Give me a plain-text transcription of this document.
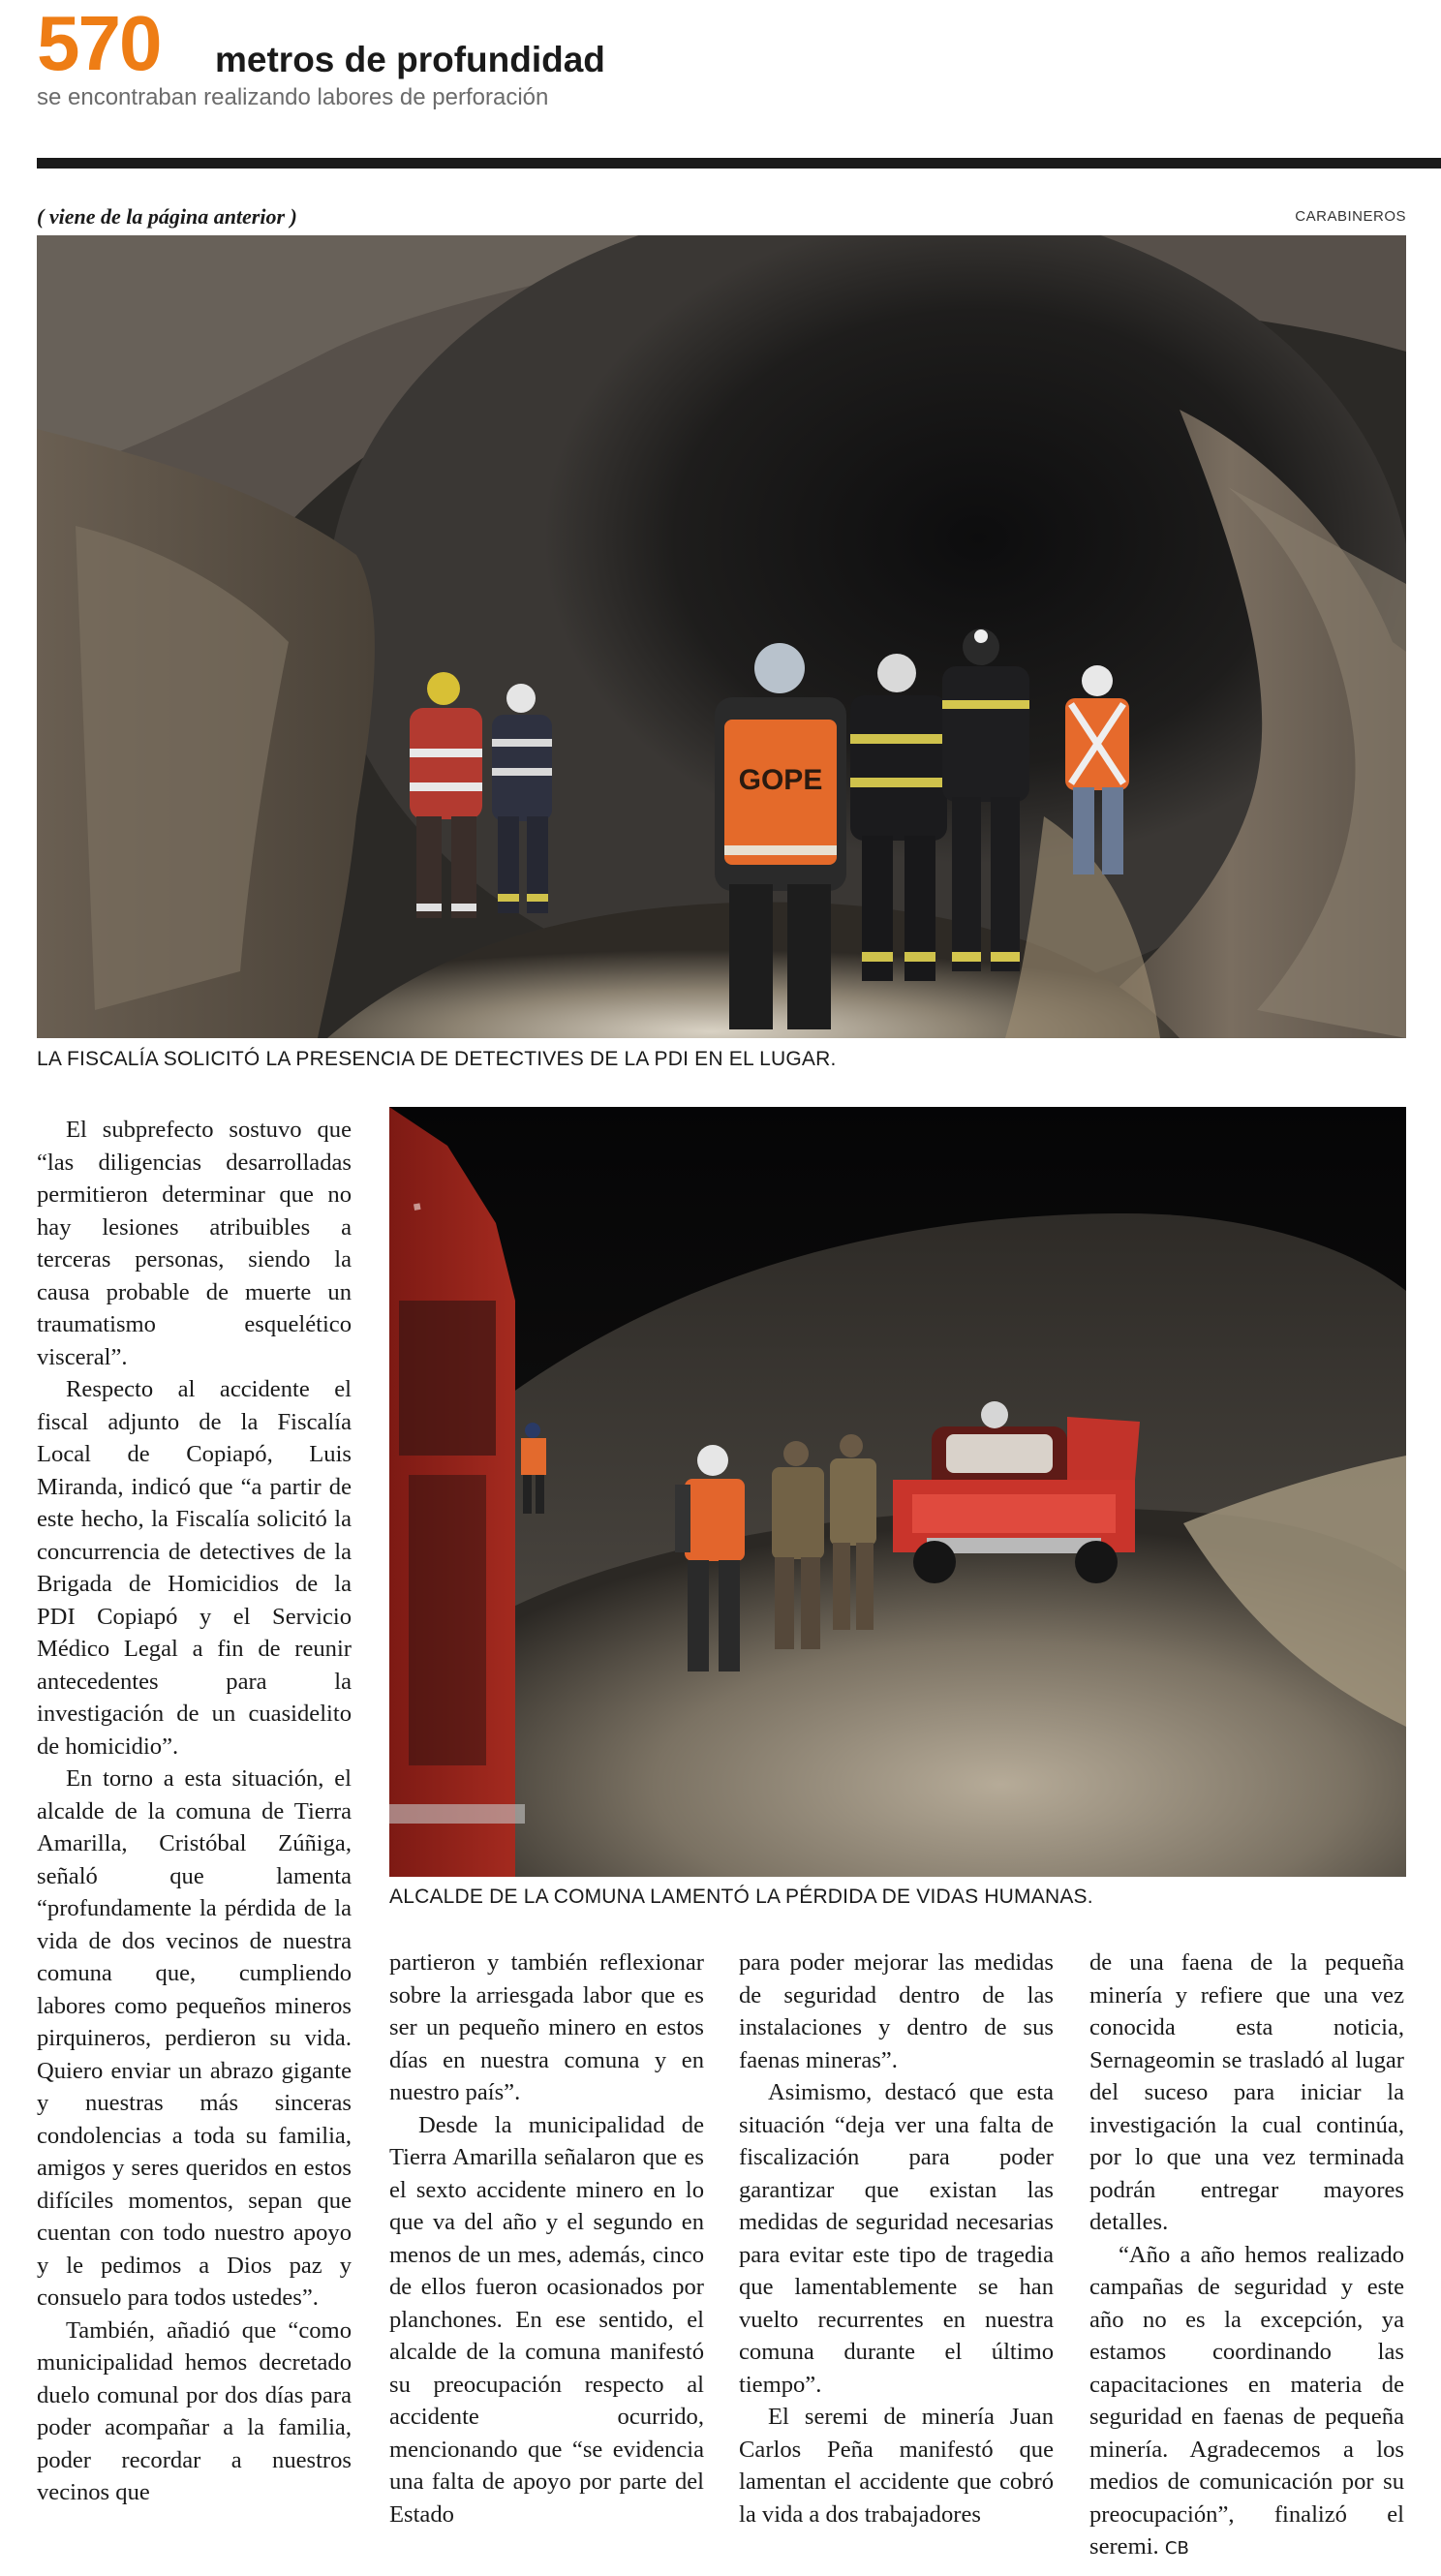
570 metros de profundidad
se encontraban realizando labores de perforación
( viene de la página anterior )	CARABINEROS
GOPE
LA FISCALÍA SOLICITÓ LA PRESENCIA DE DETECTIVES DE LA PDI EN EL LUGAR.
▪
ALCALDE DE LA COMUNA LAMENTÓ LA PÉRDIDA DE VIDAS HUMANAS.

El subprefecto sostuvo que “las diligencias desarrolladas permitieron determinar que no hay lesiones atribuibles a terceras personas, siendo la causa probable de muerte un traumatismo esquelético visceral”.

Respecto al accidente el fiscal adjunto de la Fiscalía Local de Copiapó, Luis Miranda, indicó que “a partir de este hecho, la Fiscalía solicitó la concurrencia de detectives de la Brigada de Homicidios de la PDI Copiapó y el Servicio Médico Legal a fin de reunir antecedentes para la investigación de un cuasidelito de homicidio”.

En torno a esta situación, el alcalde de la comuna de Tierra Amarilla, Cristóbal Zúñiga, señaló que lamenta “profundamente la pérdida de la vida de dos vecinos de nuestra comuna que, cumpliendo labores como pequeños mineros pirquineros, perdieron su vida. Quiero enviar un abrazo gigante y nuestras más sinceras condolencias a toda su familia, amigos y seres queridos en estos difíciles momentos, sepan que cuentan con todo nuestro apoyo y le pedimos a Dios paz y consuelo para todos ustedes”.

También, añadió que “como municipalidad hemos decretado duelo comunal por dos días para poder acompañar a la familia, poder recordar a nuestros vecinos que

partieron y también reflexionar sobre la arriesgada labor que es ser un pequeño minero en estos días en nuestra comuna y en nuestro país”.

Desde la municipalidad de Tierra Amarilla señalaron que es el sexto accidente minero en lo que va del año y el segundo en menos de un mes, además, cinco de ellos fueron ocasionados por planchones. En ese sentido, el alcalde de la comuna manifestó su preocupación respecto al accidente ocurrido, mencionando que “se evidencia una falta de apoyo por parte del Estado

para poder mejorar las medidas de seguridad dentro de las instalaciones y dentro de sus faenas mineras”.

Asimismo, destacó que esta situación “deja ver una falta de fiscalización para poder garantizar que existan las medidas de seguridad necesarias para evitar este tipo de tragedia que lamentablemente se han vuelto recurrentes en nuestra comuna durante el último tiempo”.

El seremi de minería Juan Carlos Peña manifestó que lamentan el accidente que cobró la vida a dos trabajadores

de una faena de la pequeña minería y refiere que una vez conocida esta noticia, Sernageomin se trasladó al lugar del suceso para iniciar la investigación la cual continúa, por lo que una vez terminada podrán entregar mayores detalles.

“Año a año hemos realizado campañas de seguridad y este año no es la excepción, ya estamos coordinando las capacitaciones en materia de seguridad en faenas de pequeña minería. Agradecemos a los medios de comunicación por su preocupación”, finalizó el seremi. CB
